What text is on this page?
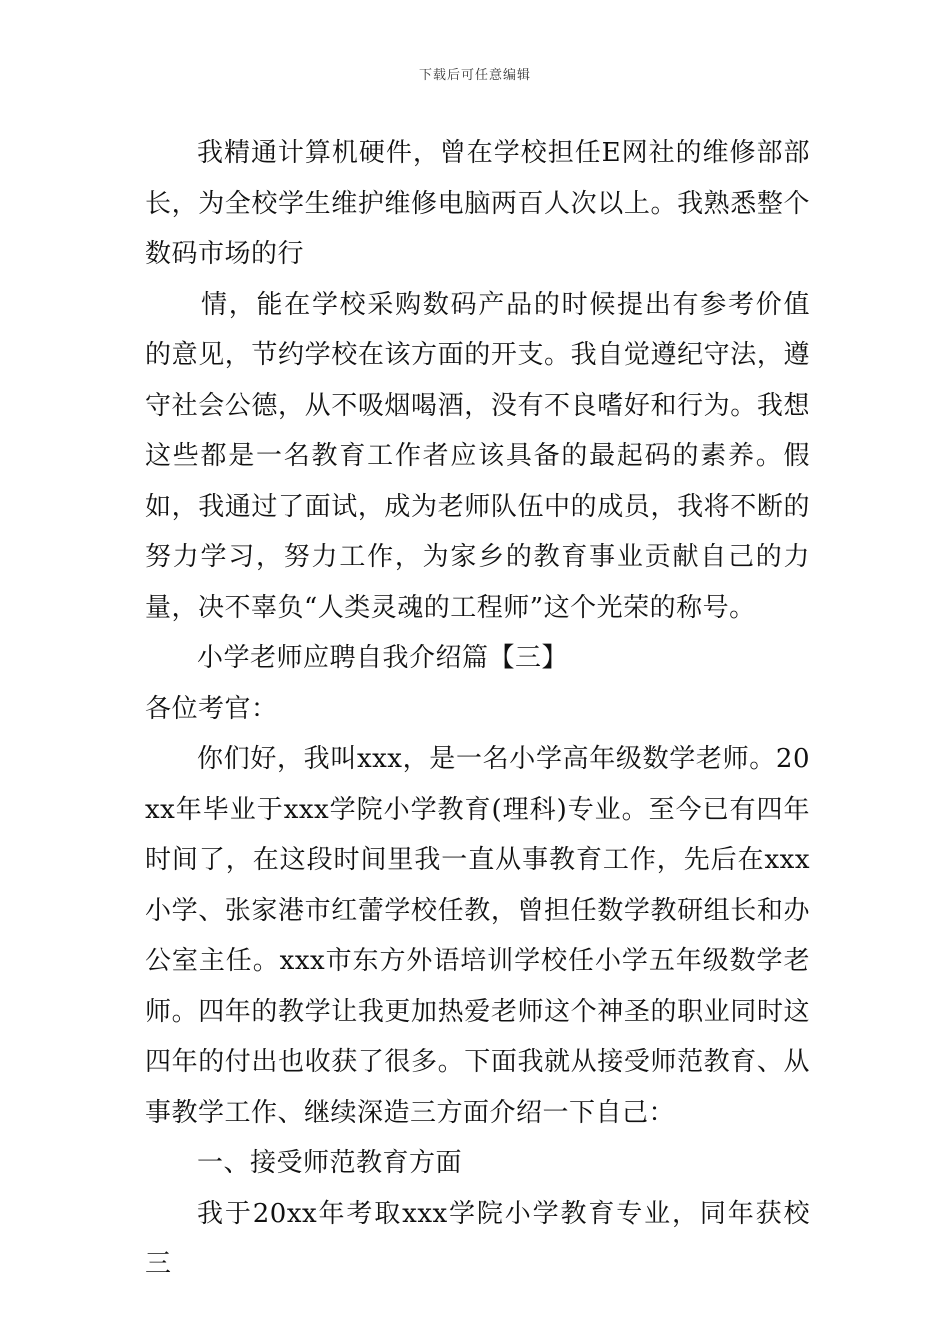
下载后可任意编辑

我精通计算机硬件，曾在学校担任E网社的维修部部长，为全校学生维护维修电脑两百人次以上。我熟悉整个数码市场的行

情，能在学校采购数码产品的时候提出有参考价值的意见，节约学校在该方面的开支。我自觉遵纪守法，遵守社会公德，从不吸烟喝酒，没有不良嗜好和行为。我想这些都是一名教育工作者应该具备的最起码的素养。假如，我通过了面试，成为老师队伍中的成员，我将不断的努力学习，努力工作，为家乡的教育事业贡献自己的力量，决不辜负“人类灵魂的工程师”这个光荣的称号。

小学老师应聘自我介绍篇【三】

各位考官：

你们好，我叫xxx，是一名小学高年级数学老师。20xx年毕业于xxx学院小学教育(理科)专业。至今已有四年时间了，在这段时间里我一直从事教育工作，先后在xxx小学、张家港市红蕾学校任教，曾担任数学教研组长和办公室主任。xxx市东方外语培训学校任小学五年级数学老师。四年的教学让我更加热爱老师这个神圣的职业同时这四年的付出也收获了很多。下面我就从接受师范教育、从事教学工作、继续深造三方面介绍一下自己：

一、接受师范教育方面

我于20xx年考取xxx学院小学教育专业，同年获校三
